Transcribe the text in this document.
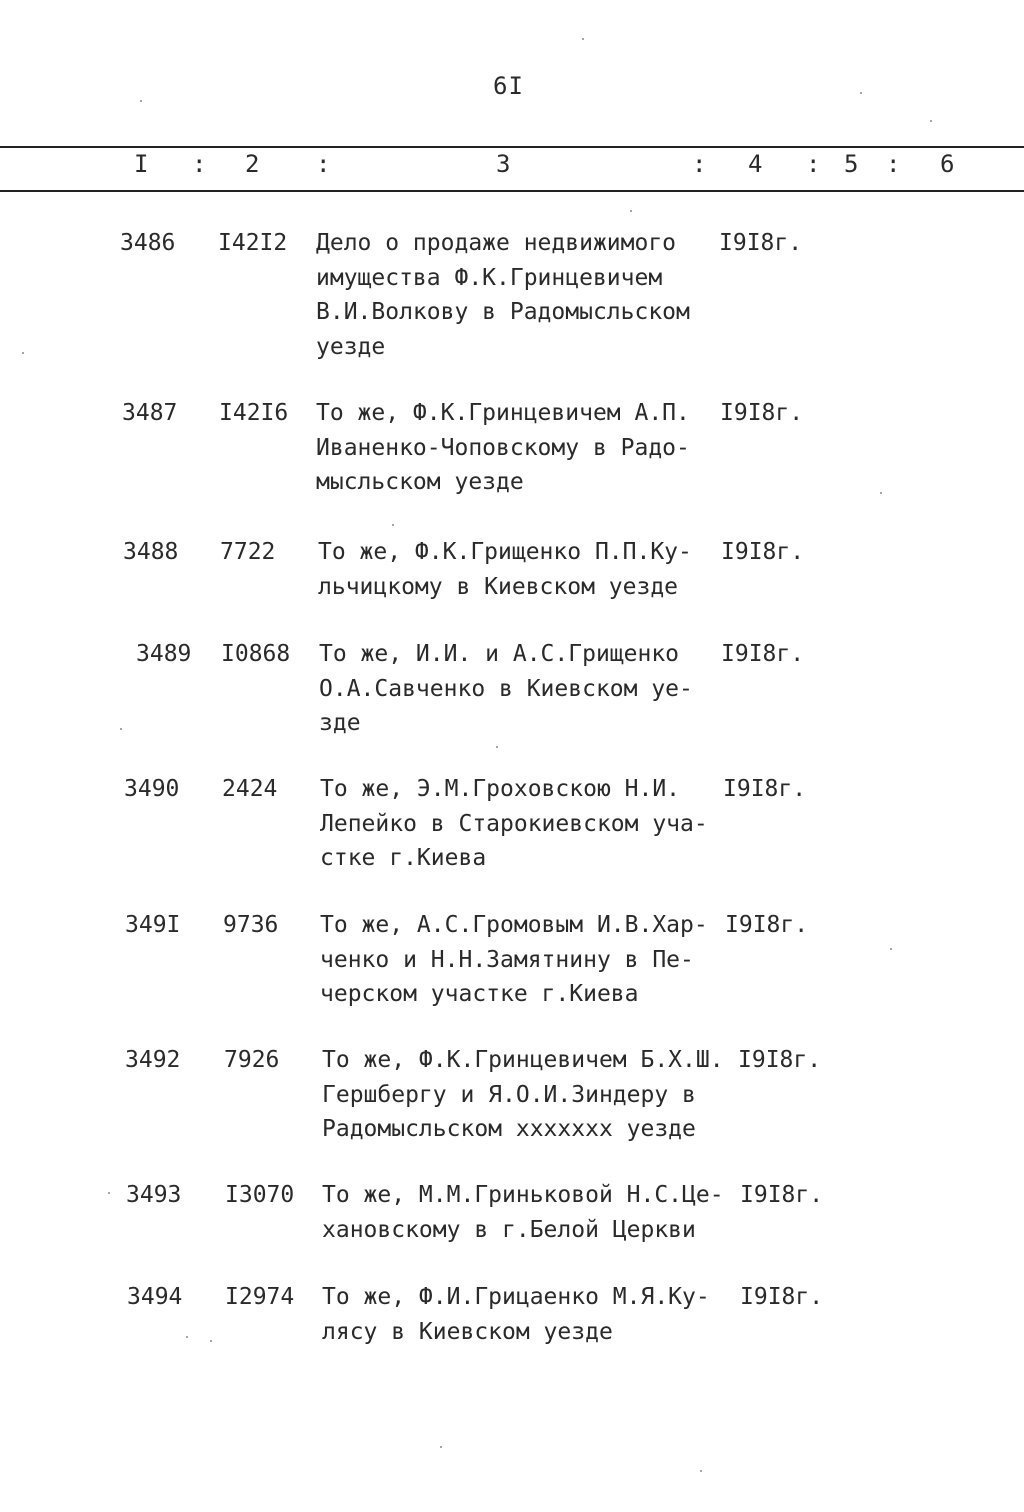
6I
I : 2 :	3	: 4 : 5 : 6
3486	I42I2	Дело о продаже недвижимого
имущества Ф.К.Гринцевичем
В.И.Волкову в Радомысльском
уезде
I9I8г.
3487	I42I6	То же, Ф.К.Гринцевичем А.П.
Иваненко-Чоповскому в Радо-
мысльском уезде
I9I8г.
3488	7722	То же, Ф.К.Грищенко П.П.Ку-
льчицкому в Киевском уезде
I9I8г.
3489	I0868	То же, И.И. и А.С.Грищенко
О.А.Савченко в Киевском уе-
зде
I9I8г.
3490	2424	То же, Э.М.Гроховскою Н.И.
Лепейко в Старокиевском уча-
стке г.Киева
I9I8г.
349I	9736	То же, А.С.Громовым И.В.Хар-
ченко и Н.Н.Замятнину в Пе-
черском участке г.Киева
I9I8г.
3492	7926	То же, Ф.К.Гринцевичем Б.Х.Ш.
Гершбергу и Я.О.И.Зиндеру в
Радомысльском ххххххх уезде
I9I8г.
3493	I3070	То же, М.М.Гриньковой Н.С.Це-
хановскому в г.Белой Церкви
I9I8г.
3494	I2974	То же, Ф.И.Грицаенко М.Я.Ку-
лясу в Киевском уезде
I9I8г.
